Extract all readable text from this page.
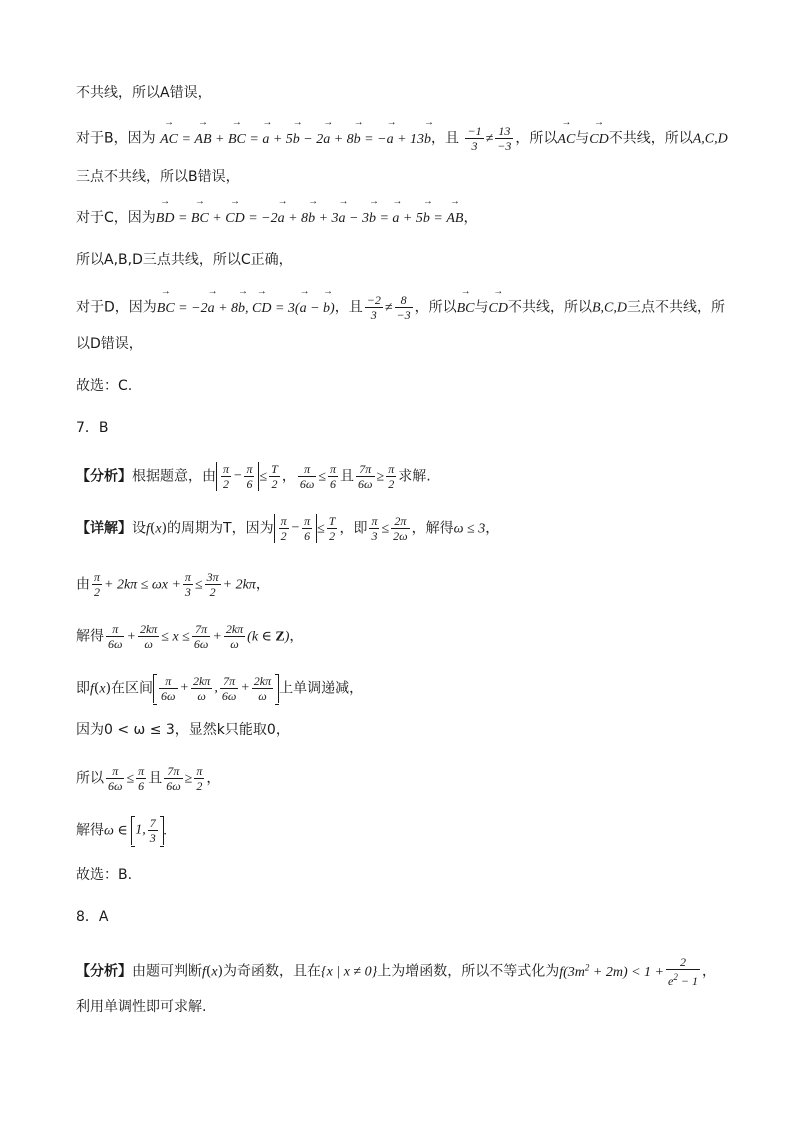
不共线，所以A错误，
对于B，因为 → AC = → AB + → BC = → a + 5→ b − 2→ a + 8→ b = −→ a + 13→ b，且 $\frac{-1}{3} \ne \frac{13}{-3}$ ，所以→ AC与→ CD不共线，所以A,C,D
三点不共线，所以B错误，
对于C，因为→ BD = → BC + → CD = −2→ a + 8→ b + 3→ a − 3→ b = → a + 5→ b = → AB，
所以A,B,D三点共线，所以C正确，
对于D，因为→ BC = −2→ a + 8→ b, → CD = 3(→ a − → b)，且 $\frac{-2}{3} \ne \frac{8}{-3}$ ，所以→ BC与→ CD不共线，所以B,C,D三点不共线，所
以D错误，
故选：C.
7．B
【分析】根据题意，由 $\frac{\pi}{2} - \frac{\pi}{6} \le \frac{T}{2}$ ， $\frac{\pi}{6\omega} \le \frac{\pi}{6}$ 且 $\frac{7\pi}{6\omega} \ge \frac{\pi}{2}$ 求解.
【详解】设f(x)的周期为T，因为 $\frac{\pi}{2} - \frac{\pi}{6} \le \frac{T}{2}$ ，即 $\frac{\pi}{3} \le \frac{2\pi}{2\omega}$ ，解得ω ≤ 3，
由 $\frac{\pi}{2} + 2k\pi \le \omega x + \frac{\pi}{3} \le \frac{3\pi}{2} + 2k\pi$，
解得 $\frac{\pi}{6\omega} + \frac{2k\pi}{\omega} \le x \le \frac{7\pi}{6\omega} + \frac{2k\pi}{\omega} (k$ ∈ Z)，
即f(x)在区间 $\frac{\pi}{6\omega} + \frac{2k\pi}{\omega}$ , $\frac{7\pi}{6\omega} + \frac{2k\pi}{\omega}$ 上单调递减，
因为0 < ω ≤ 3，显然k只能取0，
所以 $\frac{\pi}{6\omega} \le \frac{\pi}{6}$ 且 $\frac{7\pi}{6\omega} \ge \frac{\pi}{2}$ ，
解得ω ∈ 1, $\frac{7}{3}$ .
故选：B.
8．A
【分析】由题可判断f(x)为奇函数，且在{x | x ≠ 0}上为增函数，所以不等式化为$f(3m^2 + 2m) < 1 + \frac{2}{e^2 - 1}$ ，
利用单调性即可求解.
